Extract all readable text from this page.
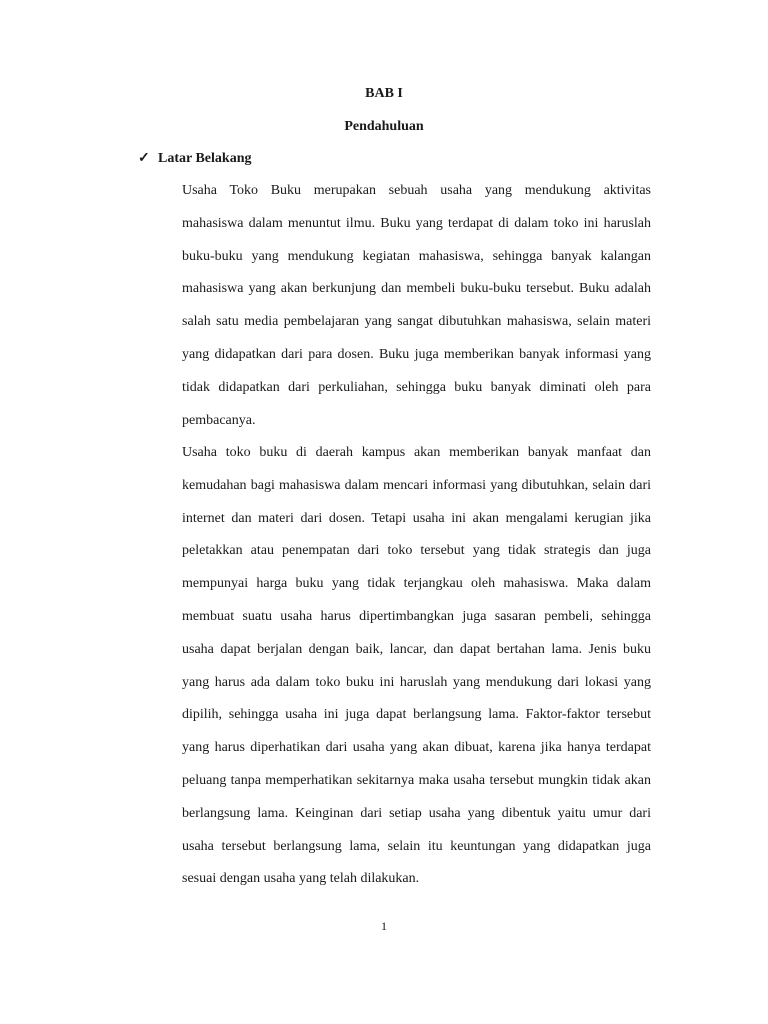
BAB I
Pendahuluan
✓ Latar Belakang
Usaha Toko Buku merupakan sebuah usaha yang mendukung aktivitas
mahasiswa dalam menuntut ilmu. Buku yang terdapat di dalam toko ini haruslah
buku-buku yang mendukung kegiatan mahasiswa, sehingga banyak kalangan
mahasiswa yang akan berkunjung dan membeli buku-buku tersebut. Buku adalah
salah satu media pembelajaran yang sangat dibutuhkan mahasiswa, selain materi
yang didapatkan dari para dosen. Buku juga memberikan banyak informasi yang
tidak didapatkan dari perkuliahan, sehingga buku banyak diminati oleh para
pembacanya.
Usaha toko buku di daerah kampus akan memberikan banyak manfaat dan
kemudahan bagi mahasiswa dalam mencari informasi yang dibutuhkan, selain dari
internet dan materi dari dosen. Tetapi usaha ini akan mengalami kerugian jika
peletakkan atau penempatan dari toko tersebut yang tidak strategis dan juga
mempunyai harga buku yang tidak terjangkau oleh mahasiswa. Maka dalam
membuat suatu usaha harus dipertimbangkan juga sasaran pembeli, sehingga
usaha dapat berjalan dengan baik, lancar, dan dapat bertahan lama. Jenis buku
yang harus ada dalam toko buku ini haruslah yang mendukung dari lokasi yang
dipilih, sehingga usaha ini juga dapat berlangsung lama. Faktor-faktor tersebut
yang harus diperhatikan dari usaha yang akan dibuat, karena jika hanya terdapat
peluang tanpa memperhatikan sekitarnya maka usaha tersebut mungkin tidak akan
berlangsung lama. Keinginan dari setiap usaha yang dibentuk yaitu umur dari
usaha tersebut berlangsung lama, selain itu keuntungan yang didapatkan juga
sesuai dengan usaha yang telah dilakukan.
1
